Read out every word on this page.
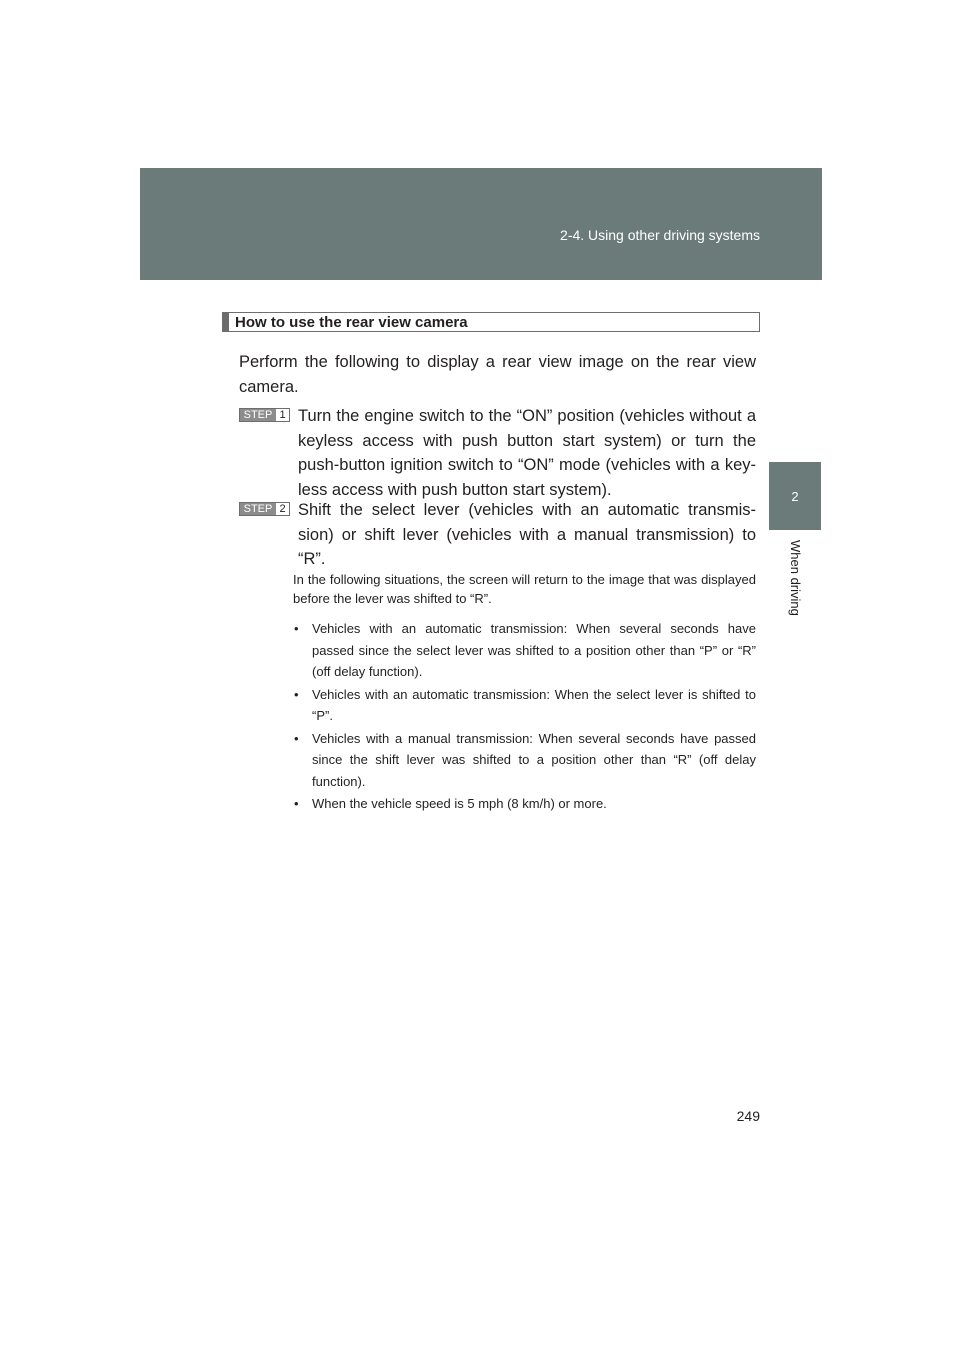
2-4. Using other driving systems

2
When driving

How to use the rear view camera

Perform the following to display a rear view image on the rear view camera.

STEP 1 Turn the engine switch to the “ON” position (vehicles without a keyless access with push button start system) or turn the push-button ignition switch to “ON” mode (vehicles with a key-less access with push button start system).

STEP 2 Shift the select lever (vehicles with an automatic transmis-sion) or shift lever (vehicles with a manual transmission) to “R”.

In the following situations, the screen will return to the image that was displayed before the lever was shifted to “R”.

• Vehicles with an automatic transmission: When several seconds have passed since the select lever was shifted to a position other than “P” or “R” (off delay function).
• Vehicles with an automatic transmission: When the select lever is shifted to “P”.
• Vehicles with a manual transmission: When several seconds have passed since the shift lever was shifted to a position other than “R” (off delay function).
• When the vehicle speed is 5 mph (8 km/h) or more.

249
